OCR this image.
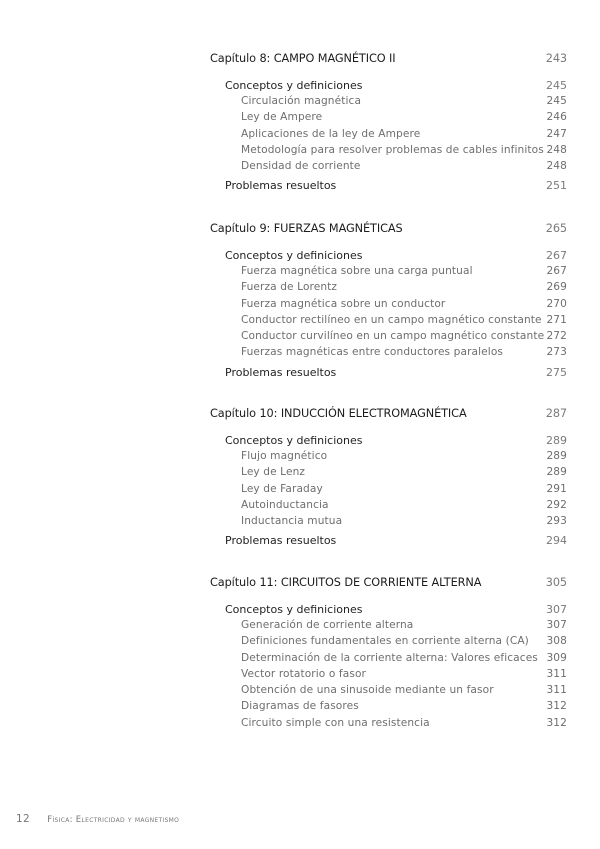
Capítulo 8: CAMPO MAGNÉTICO II	243
Conceptos y definiciones	245
Circulación magnética	245
Ley de Ampere	246
Aplicaciones de la ley de Ampere	247
Metodología para resolver problemas de cables infinitos 248
Densidad de corriente	248
Problemas resueltos	251
Capítulo 9: FUERZAS MAGNÉTICAS	265
Conceptos y definiciones	267
Fuerza magnética sobre una carga puntual	267
Fuerza de Lorentz	269
Fuerza magnética sobre un conductor	270
Conductor rectilíneo en un campo magnético constante 271
Conductor curvilíneo en un campo magnético constante 272
Fuerzas magnéticas entre conductores paralelos	273
Problemas resueltos	275
Capítulo 10: INDUCCIÓN ELECTROMAGNÉTICA	287
Conceptos y definiciones	289
Flujo magnético	289
Ley de Lenz	289
Ley de Faraday	291
Autoinductancia	292
Inductancia mutua	293
Problemas resueltos	294
Capítulo 11: CIRCUITOS DE CORRIENTE ALTERNA	305
Conceptos y definiciones	307
Generación de corriente alterna	307
Definiciones fundamentales en corriente alterna (CA) 308
Determinación de la corriente alterna: Valores eficaces 309
Vector rotatorio o fasor	311
Obtención de una sinusoide mediante un fasor	311
Diagramas de fasores	312
Circuito simple con una resistencia	312
12 Física: Electricidad y magnetismo
